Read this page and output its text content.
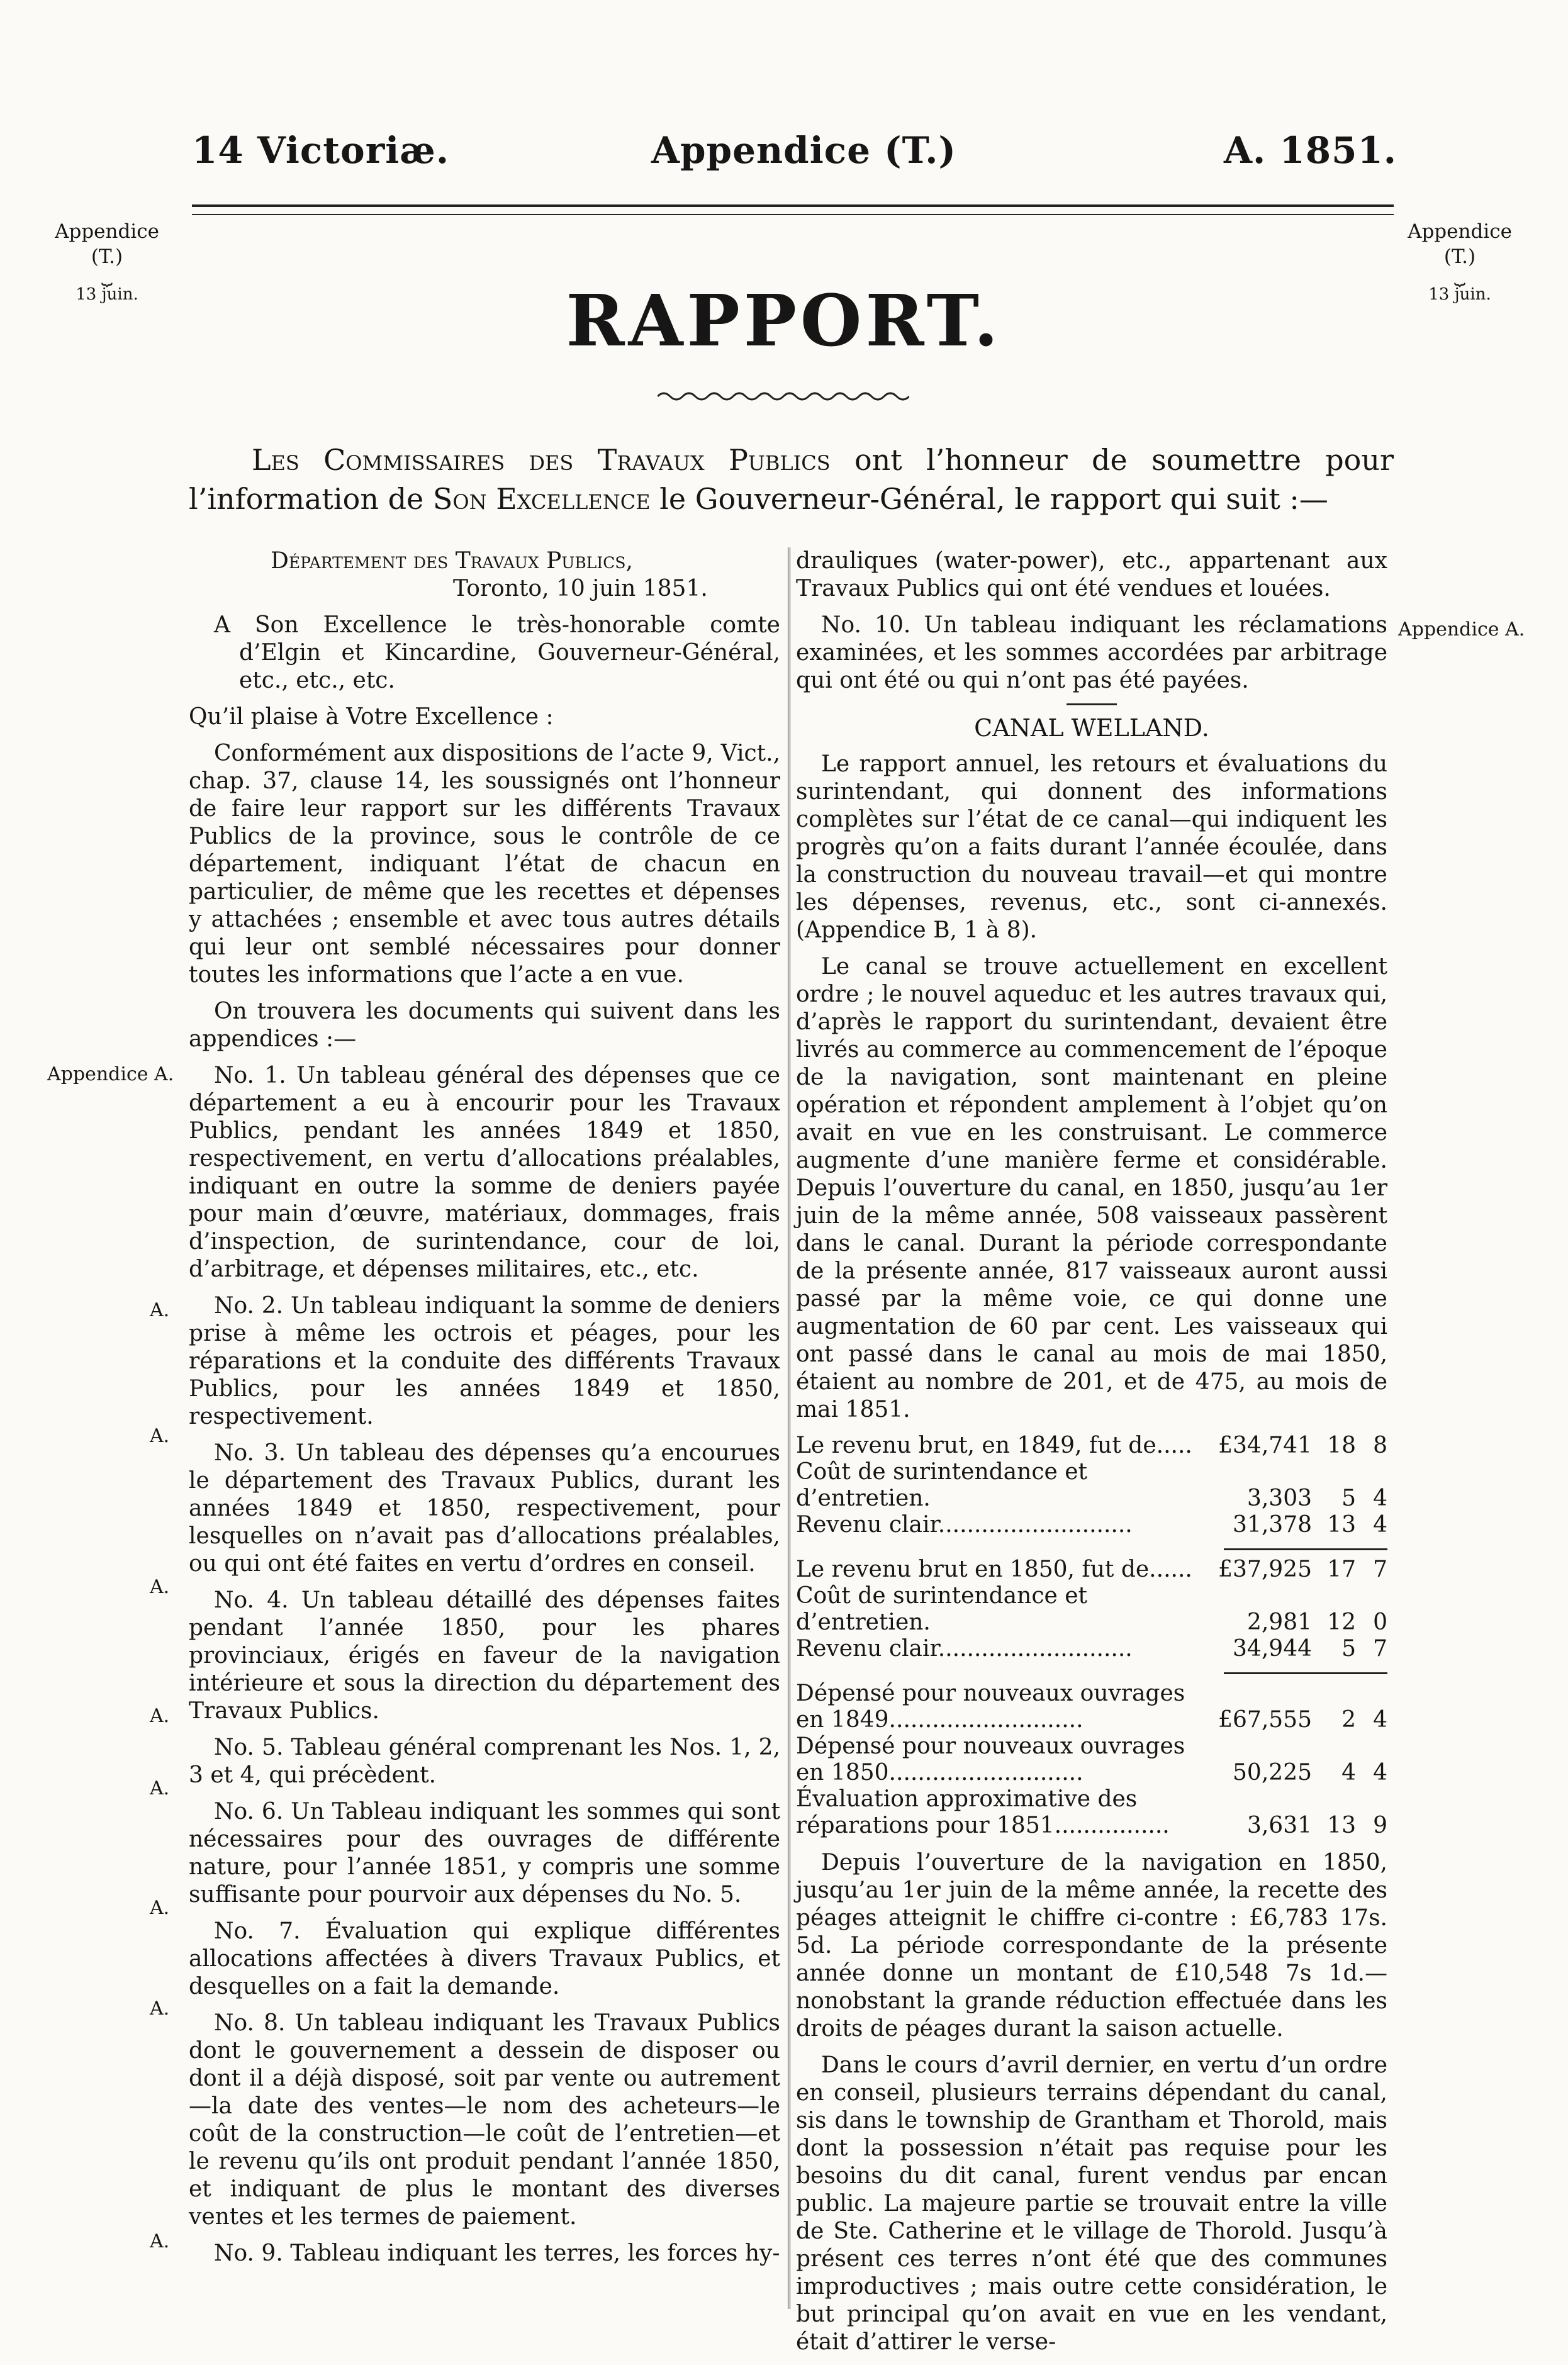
14 Victoriæ.	Appendice (T.)	A. 1851.
Appendice
(T.)
⏟
13 juin.
Appendice
(T.)
⏟
13 juin.
RAPPORT.
Les Commissaires des Travaux Publics ont l’honneur de soumettre pour l’information de Son Excellence le Gouverneur-Général, le rapport qui suit :—
Appendice A.
A.
A.
A.
A.
A.
A.
A.
A.
Appendice A.

Département des Travaux Publics,

Toronto, 10 juin 1851.

A Son Excellence le très-honorable comte d’Elgin et Kincardine, Gouverneur-Général, etc., etc., etc.

Qu’il plaise à Votre Excellence :

Conformément aux dispositions de l’acte 9, Vict., chap. 37, clause 14, les soussignés ont l’honneur de faire leur rapport sur les différents Travaux Publics de la province, sous le contrôle de ce département, indiquant l’état de chacun en particulier, de même que les recettes et dépenses y attachées ; ensemble et avec tous autres détails qui leur ont semblé nécessaires pour donner toutes les informations que l’acte a en vue.

On trouvera les documents qui suivent dans les appendices :—

No. 1. Un tableau général des dépenses que ce département a eu à encourir pour les Travaux Publics, pendant les années 1849 et 1850, respectivement, en vertu d’allocations préalables, indiquant en outre la somme de deniers payée pour main d’œuvre, matériaux, dommages, frais d’inspection, de surintendance, cour de loi, d’arbitrage, et dépenses militaires, etc., etc.

No. 2. Un tableau indiquant la somme de deniers prise à même les octrois et péages, pour les réparations et la conduite des différents Travaux Publics, pour les années 1849 et 1850, respectivement.

No. 3. Un tableau des dépenses qu’a encourues le département des Travaux Publics, durant les années 1849 et 1850, respectivement, pour lesquelles on n’avait pas d’allocations préalables, ou qui ont été faites en vertu d’ordres en conseil.

No. 4. Un tableau détaillé des dépenses faites pendant l’année 1850, pour les phares provinciaux, érigés en faveur de la navigation intérieure et sous la direction du département des Travaux Publics.

No. 5. Tableau général comprenant les Nos. 1, 2, 3 et 4, qui précèdent.

No. 6. Un Tableau indiquant les sommes qui sont nécessaires pour des ouvrages de différente nature, pour l’année 1851, y compris une somme suffisante pour pourvoir aux dépenses du No. 5.

No. 7. Évaluation qui explique différentes allocations affectées à divers Travaux Publics, et desquelles on a fait la demande.

No. 8. Un tableau indiquant les Travaux Publics dont le gouvernement a dessein de disposer ou dont il a déjà disposé, soit par vente ou autrement—la date des ventes—le nom des acheteurs—le coût de la construction—le coût de l’entretien—et le revenu qu’ils ont produit pendant l’année 1850, et indiquant de plus le montant des diverses ventes et les termes de paiement.

No. 9. Tableau indiquant les terres, les forces hy-

drauliques (water-power), etc., appartenant aux Travaux Publics qui ont été vendues et louées.

No. 10. Un tableau indiquant les réclamations examinées, et les sommes accordées par arbitrage qui ont été ou qui n’ont pas été payées.

CANAL WELLAND.

Le rapport annuel, les retours et évaluations du surintendant, qui donnent des informations complètes sur l’état de ce canal—qui indiquent les progrès qu’on a faits durant l’année écoulée, dans la construction du nouveau travail—et qui montre les dépenses, revenus, etc., sont ci-annexés. (Appendice B, 1 à 8).

Le canal se trouve actuellement en excellent ordre ; le nouvel aqueduc et les autres travaux qui, d’après le rapport du surintendant, devaient être livrés au commerce au commencement de l’époque de la navigation, sont maintenant en pleine opération et répondent amplement à l’objet qu’on avait en vue en les construisant. Le commerce augmente d’une manière ferme et considérable. Depuis l’ouverture du canal, en 1850, jusqu’au 1er juin de la même année, 508 vaisseaux passèrent dans le canal. Durant la période correspondante de la présente année, 817 vaisseaux auront aussi passé par la même voie, ce qui donne une augmentation de 60 par cent. Les vaisseaux qui ont passé dans le canal au mois de mai 1850, étaient au nombre de 201, et de 475, au mois de mai 1851.

Le revenu brut, en 1849, fut de.....	£34,741	18	8
Coût de surintendance et d’entretien.	3,303	5	4
Revenu clair...........................	31,378	13	4
Le revenu brut en 1850, fut de......	£37,925	17	7
Coût de surintendance et d’entretien.	2,981	12	0
Revenu clair...........................	34,944	5	7
Dépensé pour nouveaux ouvrages en 1849...........................	£67,555	2	4
Dépensé pour nouveaux ouvrages en 1850...........................	50,225	4	4
Évaluation approximative des réparations pour 1851................	3,631	13	9

Depuis l’ouverture de la navigation en 1850, jusqu’au 1er juin de la même année, la recette des péages atteignit le chiffre ci-contre : £6,783 17s. 5d. La période correspondante de la présente année donne un montant de £10,548 7s 1d.—nonobstant la grande réduction effectuée dans les droits de péages durant la saison actuelle.

Dans le cours d’avril dernier, en vertu d’un ordre en conseil, plusieurs terrains dépendant du canal, sis dans le township de Grantham et Thorold, mais dont la possession n’était pas requise pour les besoins du dit canal, furent vendus par encan public. La majeure partie se trouvait entre la ville de Ste. Catherine et le village de Thorold. Jusqu’à présent ces terres n’ont été que des communes improductives ; mais outre cette considération, le but principal qu’on avait en vue en les vendant, était d’attirer le verse-
